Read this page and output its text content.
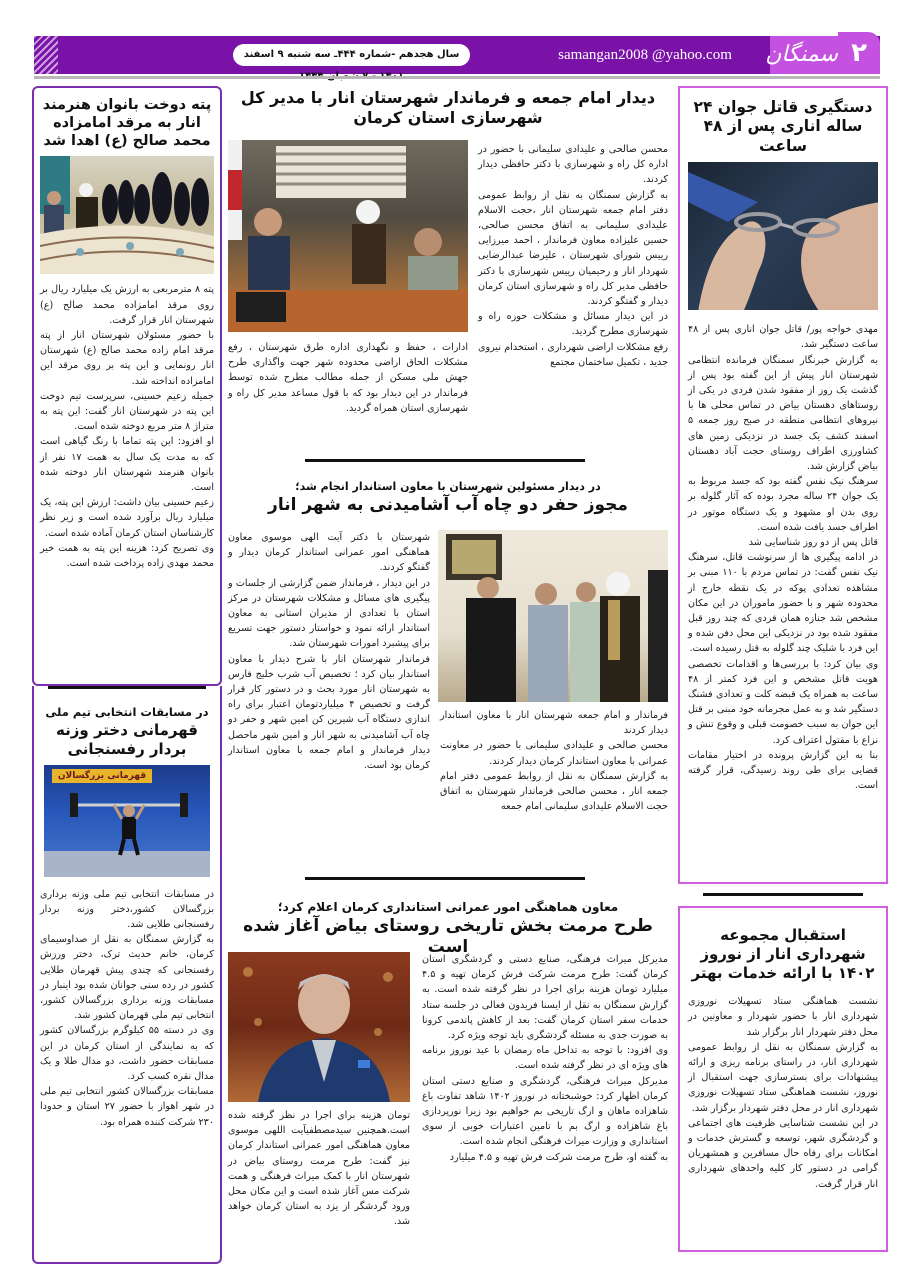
سال هجدهم -شماره ۴۴۴ـ سه شنبه ۹ اسفند	samangan2008 @yahoo.com	سمنگان ۲
دستگیری قاتل جوان ۲۴ ساله اناری پس از ۴۸ ساعت

مهدی خواجه پور/ قاتل جوان اناری پس از ۴۸ ساعت دستگیر شد.

به گزارش خبرنگار سمنگان فرمانده انتظامی شهرستان انار پیش از این گفته بود پس از گذشت یک روز از مفقود شدن فردی در یکی از روستاهای دهستان بیاض در تماس محلی ها با نیروهای انتظامی منطقه در صبح روز جمعه ۵ اسفند کشف یک جسد در نزدیکی زمین های کشاورزی اطراف روستای حجت آباد دهستان بیاض گزارش شد.

سرهنگ نیک نفس گفته بود که جسد مربوط به یک جوان ۲۴ ساله مجرد بوده که آثار گلوله بر روی بدن او مشهود و یک دستگاه موتور در اطراف جسد یافت شده است.

قاتل پس از دو روز شناسایی شد

در ادامه پیگیری ها از سرنوشت قاتل، سرهنگ نیک نفس گفت: در تماس مردم با ۱۱۰ مبنی بر مشاهده تعدادی پوکه در یک نقطه خارج از محدوده شهر و با حضور ماموران در این مکان مشخص شد جنازه همان فردی که چند روز قبل مفقود شده بود در نزدیکی این محل دفن شده و این فرد با شلیک چند گلوله به قتل رسیده است.

وی بیان کرد: با بررسی‌ها و اقدامات تخصصی هویت قاتل مشخص و این فرد کمتر از ۴۸ ساعت به همراه یک قبضه کلت و تعدادی فشنگ دستگیر شد و به عمل مجرمانه خود مبنی بر قتل این جوان به سبب خصومت قبلی و وقوع تنش و نزاع با مقتول اعتراف کرد.

بنا به این گزارش پرونده در اختیار مقامات قضایی برای طی روند رسیدگی، قرار گرفته است.

استقبال مجموعه شهرداری انار از نوروز ۱۴۰۲ با ارائه خدمات بهتر

نشست هماهنگی ستاد تسهیلات نوروزی شهرداری انار با حضور شهردار و معاونین در محل دفتر شهردار انار برگزار شد

به گزارش سمنگان به نقل از روابط عمومی شهرداری انار، در راستای برنامه ریزی و ارائه پیشنهادات برای بسترسازی جهت استقبال از نوروز، نشست هماهنگی ستاد تسهیلات نوروزی شهرداری انار در محل دفتر شهردار برگزار شد.

در این نشست شناسایی ظرفیت های اجتماعی و گردشگری شهر، توسعه و گسترش خدمات و امکانات برای رفاه حال مسافرین و همشهریان گرامی در دستور کار کلیه واحدهای شهرداری انار قرار گرفت.

دیدار امام جمعه و فرماندار شهرستان انار با مدیر کل شهرسازی استان کرمان

محسن صالحی و علیدادی سلیمانی با حضور در اداره کل راه و شهرسازی با دکتر حافظی دیدار کردند.

به گزارش سمنگان به نقل از روابط عمومی دفتر امام جمعه شهرستان انار ،حجت الاسلام علیدادی سلیمانی به اتفاق محسن صالحی، حسین علیزاده معاون فرماندار ، احمد میرزایی رییس شورای شهرستان ، علیرضا عبدالرضایی شهردار انار و رحیمیان رییس شهرسازی با دکتر حافظی مدیر کل راه و شهرسازی استان کرمان دیدار و گفتگو کردند.

در این دیدار مسائل و مشکلات حوزه راه و شهرسازی مطرح گردید.

رفع مشکلات اراضی شهرداری ، استخدام نیروی جدید ، تکمیل ساختمان مجتمع

ادارات ، حفظ و نگهداری اداره طرق شهرستان ، رفع مشکلات الحاق اراضی محدوده شهر جهت واگذاری طرح جهش ملی مسکن از جمله مطالب مطرح شده توسط فرماندار در این دیدار بود که با قول مساعد مدیر کل راه و شهرسازی استان همراه گردید.

در دیدار مسئولین شهرستان با معاون استاندار انجام شد؛
مجوز حفر دو چاه آب آشامیدنی به شهر انار

فرماندار و امام جمعه شهرستان انار با معاون استاندار دیدار کردند

محسن صالحی و علیدادی سلیمانی با حضور در معاونت عمرانی با معاون استاندار کرمان دیدار کردند.

به گزارش سمنگان به نقل از روابط عمومی دفتر امام جمعه انار ، محسن صالحی فرماندار شهرستان به اتفاق حجت الاسلام علیدادی سلیمانی امام جمعه

شهرستان با دکتر آیت الهی موسوی معاون هماهنگی امور عمرانی استاندار کرمان دیدار و گفتگو کردند.

در این دیدار ، فرماندار ضمن گزارشی از جلسات و پیگیری های مسائل و مشکلات شهرستان در مرکز استان با تعدادی از مدیران استانی به معاون استاندار ارائه نمود و خواستار دستور جهت تسریع برای پیشبرد امورات شهرستان شد.

فرماندار شهرستان انار با شرح دیدار با معاون استاندار بیان کرد ؛ تخصیص آب شرب خلیج فارس به شهرستان انار مورد بحث و در دستور کار قرار گرفت و تخصیص ۴ میلیاردتومان اعتبار برای راه اندازی دستگاه آب شیرین کن امین شهر و حفر دو چاه آب آشامیدنی به شهر انار و امین شهر ماحصل دیدار فرماندار و امام جمعه با معاون استاندار کرمان بود است.

معاون هماهنگی امور عمرانی استانداری کرمان اعلام کرد؛
طرح مرمت بخش تاریخی روستای بیاض آغاز شده است

مدیرکل میراث فرهنگی، صنایع دستی و گردشگری استان کرمان گفت: طرح مرمت شرکت فرش کرمان تهیه و ۴.۵ میلیارد تومان هزینه برای اجرا در نظر گرفته شده است. به گزارش سمنگان به نقل از ایسنا فریدون فعالی در جلسه ستاد خدمات سفر استان کرمان گفت: بعد از کاهش پاندمی کرونا به صورت جدی به مسئله گردشگری باید توجه ویژه کرد.

وی افزود: با توجه به تداخل ماه رمضان با عید نوروز برنامه های ویژه ای در نظر گرفته شده است.

مدیرکل میراث فرهنگی، گردشگری و صنایع دستی استان کرمان اظهار کرد: خوشبختانه در نوروز ۱۴۰۲ شاهد تفاوت باغ شاهزاده ماهان و ارگ تاریخی بم خواهیم بود زیرا نورپردازی باغ شاهزاده و ارگ بم با تامین اعتبارات خوبی از سوی استانداری و وزارت میراث فرهنگی انجام شده است.

به گفته او، طرح مرمت شرکت فرش تهیه و ۴.۵ میلیارد

تومان هزینه برای اجرا در نظر گرفته شده است.همچنین سیدمصطفیآیت اللهی موسوی معاون هماهنگی امور عمرانی استاندار کرمان نیز گفت: طرح مرمت روستای بیاض در شهرستان انار با کمک میراث فرهنگی و همت شرکت مس آغاز شده است و این مکان محل ورود گردشگر از یزد به استان کرمان خواهد شد.

پته دوخت بانوان هنرمند انار به مرقد امامزاده محمد صالح (ع) اهدا شد

پته ۸ مترمربعی به ارزش یک میلیارد ریال بر روی مرقد امامزاده محمد صالح (ع) شهرستان انار قرار گرفت.

با حضور مسئولان شهرستان انار از پته مرقد امام زاده محمد صالح (ع) شهرستان انار رونمایی و این پته بر روی مرقد این امامزاده انداخته شد.

جمیله زعیم حسینی، سرپرست تیم دوخت این پته در شهرستان انار گفت: این پته به متراژ ۸ متر مربع دوخته شده است.

او افزود: این پته تماما با رنگ گیاهی است که به مدت یک سال به همت ۱۷ نفر از بانوان هنرمند شهرستان انار دوخته شده است.

زعیم حسینی بیان داشت: ارزش این پته، یک میلیارد ریال برآورد شده است و زیر نظر کارشناسان استان کرمان آماده شده است.

وی تصریح کرد: هزینه این پته به همت خیر محمد مهدی زاده پرداخت شده است.

در مسابقات انتخابی تیم ملی
قهرمانی دختر وزنه بردار رفسنجانی
قهرمانی بزرگسالان

در مسابقات انتخابی تیم ملی وزنه برداری بزرگسالان کشور،دختر وزنه بردار رفسنجانی طلایی شد.

به گزارش سمنگان به نقل از صداوسیمای کرمان، خانم حدیث ترک، دختر ورزش رفسنجانی که چندی پیش قهرمان طلایی کشور در رده سنی جوانان شده بود اینبار در مسابقات وزنه برداری بزرگسالان کشور، انتخابی تیم ملی قهرمان کشور شد.

وی در دسته ۵۵ کیلوگرم بزرگسالان کشور که به نمایندگی از استان کرمان در این مسابقات حضور داشت، دو مدال طلا و یک مدال نقره کسب کرد.

مسابقات بزرگسالان کشور انتخابی تیم ملی در شهر اهواز با حضور ۲۷ استان و حدودا ۲۳۰ شرکت کننده همراه بود.
